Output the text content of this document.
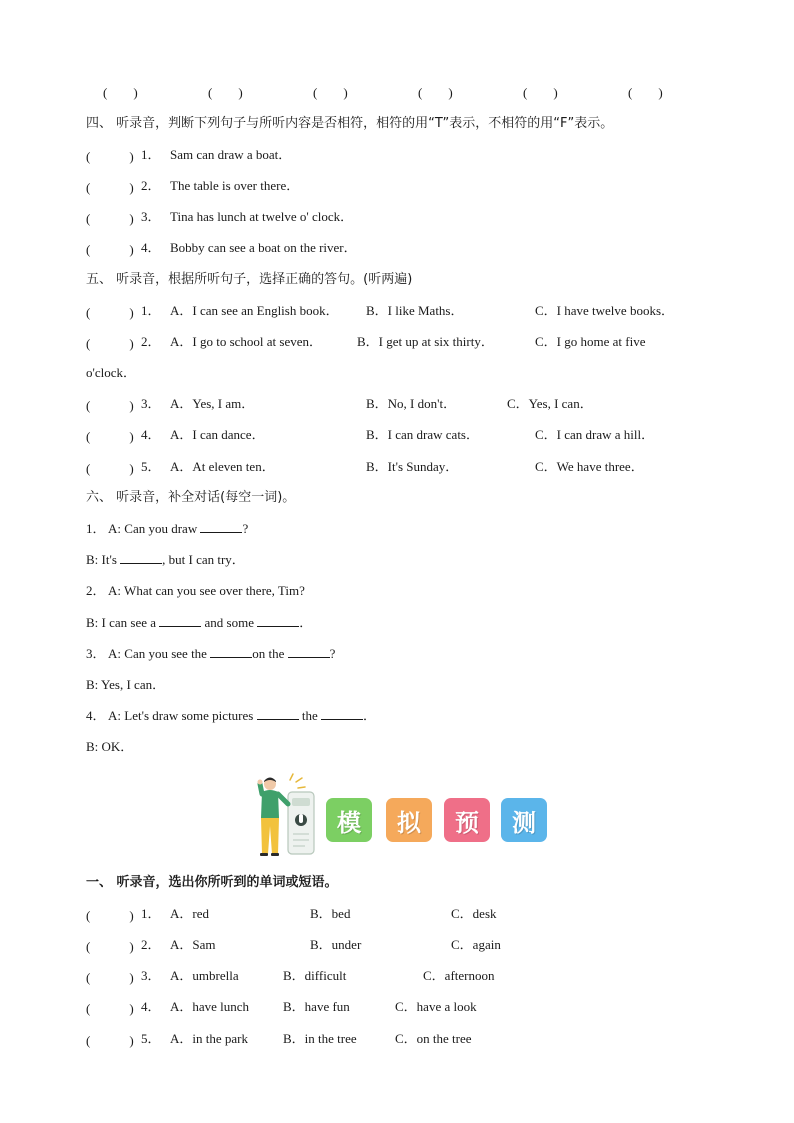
(　　)	(　　)	(　　)	(　　)	(　　)	(　　)
四、 听录音，判断下列句子与所听内容是否相符，相符的用“T”表示，不相符的用“F”表示。
(　　　) 1． Sam can draw a boat．
(　　　) 2． The table is over there．
(　　　) 3． Tina has lunch at twelve o' clock．
(　　　) 4． Bobby can see a boat on the river．
五、 听录音，根据所听句子，选择正确的答句。(听两遍)
(　　　) 1． A．I can see an English book． B．I like Maths．	C．I have twelve books．
(　　　) 2． A．I go to school at seven．	B．I get up at six thirty．	C．I go home at five
o'clock．
(　　　) 3． A．Yes, I am．	B．No, I don't．	C．Yes, I can．
(　　　) 4． A．I can dance．	B．I can draw cats．	C．I can draw a hill．
(　　　) 5． A．At eleven ten．	B．It's Sunday．	C．We have three．
六、 听录音，补全对话(每空一词)。
1． A: Can you draw	?
B: It's	, but I can try．
2． A: What can you see over there, Tim?
B: I can see a	and some	．
3． A: Can you see the	on the	?
B: Yes, I can．
4． A: Let's draw some pictures	the	．
B: OK．
模	拟	预	测
一、 听录音，选出你所听到的单词或短语。
(　　　) 1． A．red	B．bed	C．desk
(　　　) 2． A．Sam	B．under	C．again
(　　　) 3． A．umbrella	B．difficult	C．afternoon
(　　　) 4． A．have lunch	B．have fun	C．have a look
(　　　) 5． A．in the park	B．in the tree	C．on the tree
